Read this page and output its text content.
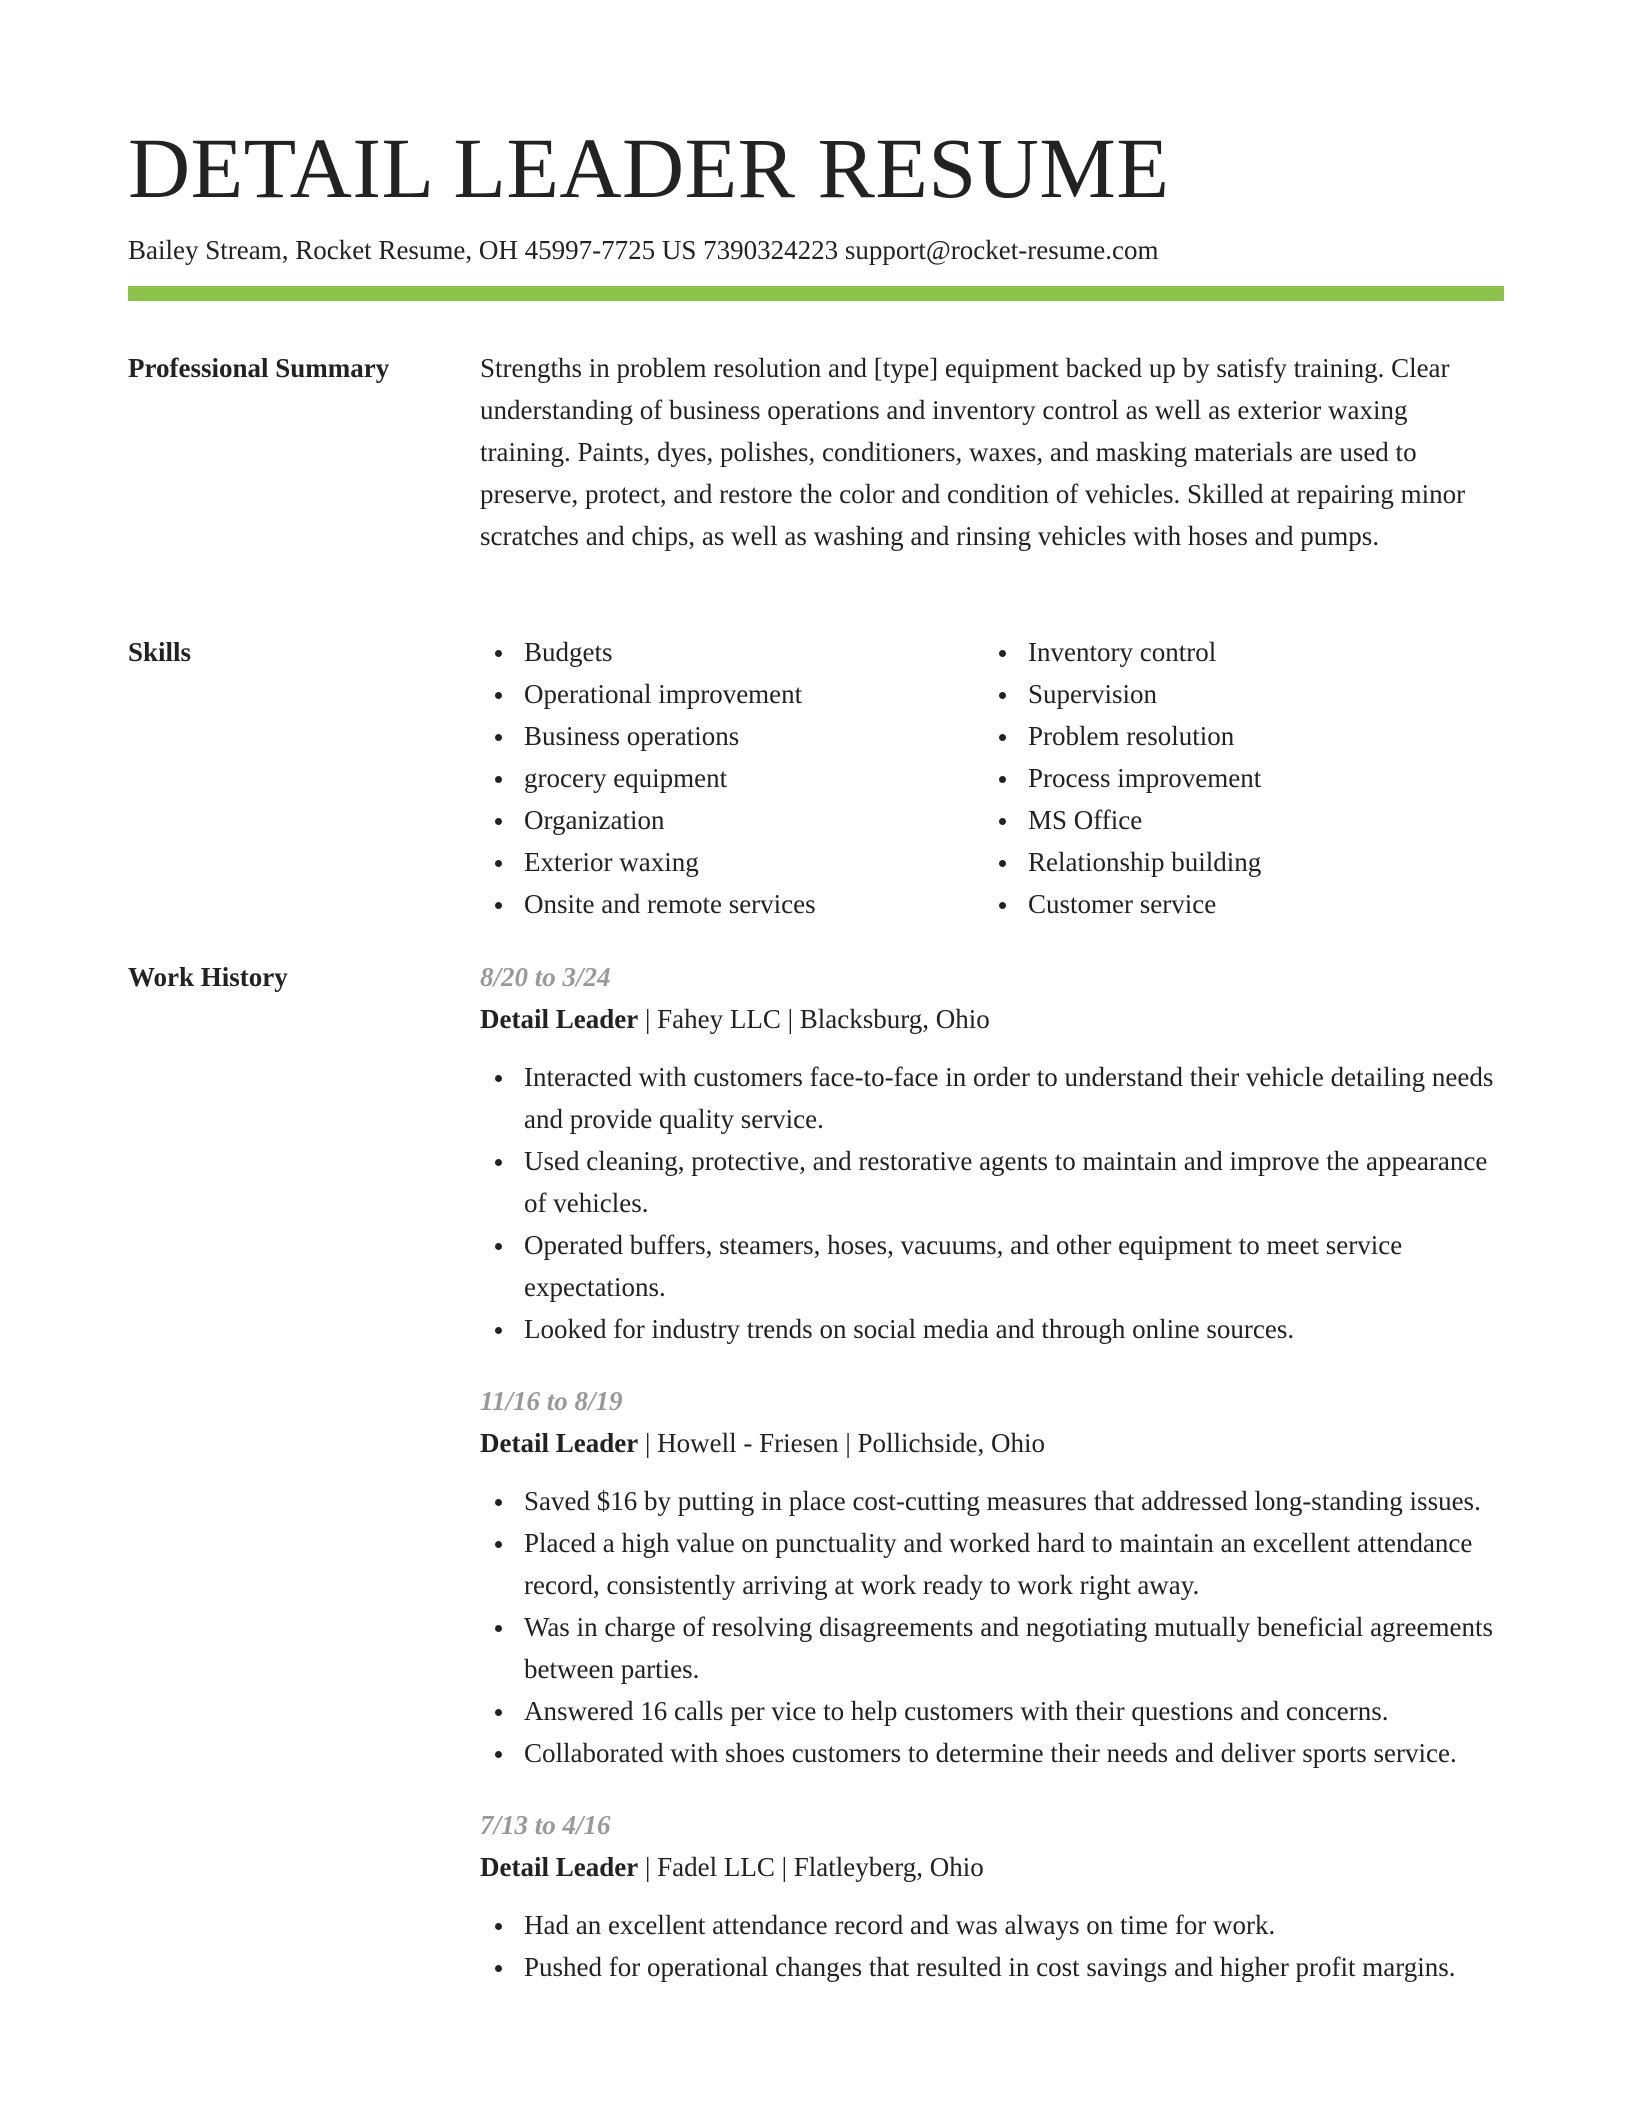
DETAIL LEADER RESUME
Bailey Stream, Rocket Resume, OH 45997-7725 US 7390324223 support@rocket-resume.com
Professional Summary	Strengths in problem resolution and [type] equipment backed up by satisfy training. Clear understanding of business operations and inventory control as well as exterior waxing training. Paints, dyes, polishes, conditioners, waxes, and masking materials are used to preserve, protect, and restore the color and condition of vehicles. Skilled at repairing minor scratches and chips, as well as washing and rinsing vehicles with hoses and pumps.

Skills	Budgets
Operational improvement
Business operations
grocery equipment
Organization
Exterior waxing
Onsite and remote services
Inventory control
Supervision
Problem resolution
Process improvement
MS Office
Relationship building
Customer service
Work History	8/20 to 3/24
Detail Leader | Fahey LLC | Blacksburg, Ohio
Interacted with customers face-to-face in order to understand their vehicle detailing needs and provide quality service.
Used cleaning, protective, and restorative agents to maintain and improve the appearance of vehicles.
Operated buffers, steamers, hoses, vacuums, and other equipment to meet service expectations.
Looked for industry trends on social media and through online sources.
11/16 to 8/19
Detail Leader | Howell - Friesen | Pollichside, Ohio
Saved $16 by putting in place cost-cutting measures that addressed long-standing issues.
Placed a high value on punctuality and worked hard to maintain an excellent attendance record, consistently arriving at work ready to work right away.
Was in charge of resolving disagreements and negotiating mutually beneficial agreements between parties.
Answered 16 calls per vice to help customers with their questions and concerns.
Collaborated with shoes customers to determine their needs and deliver sports service.
7/13 to 4/16
Detail Leader | Fadel LLC | Flatleyberg, Ohio
Had an excellent attendance record and was always on time for work.
Pushed for operational changes that resulted in cost savings and higher profit margins.
